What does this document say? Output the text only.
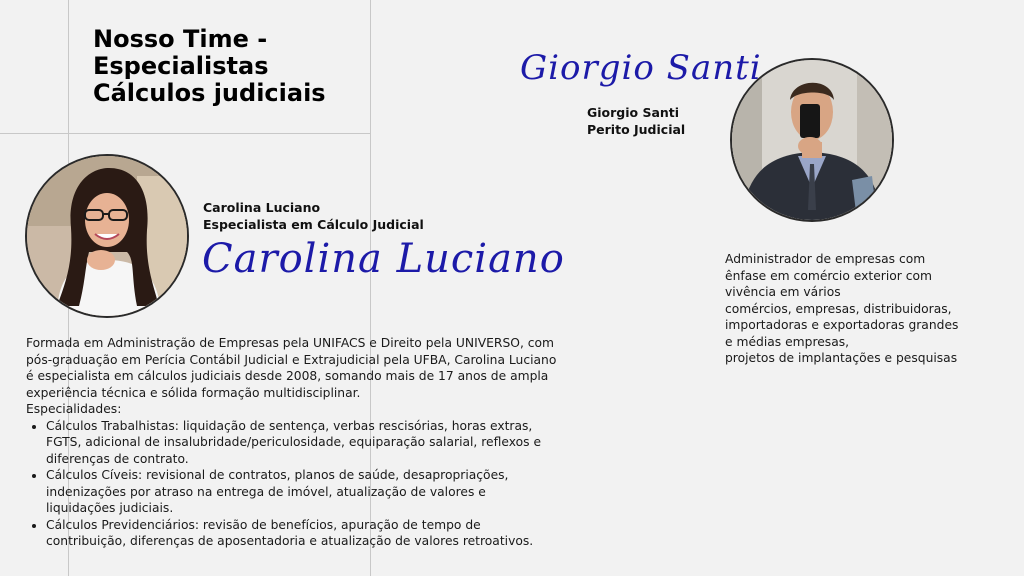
Nosso Time -
Especialistas
Cálculos judiciais
Carolina Luciano
Especialista em Cálculo Judicial
Carolina Luciano

Formada em Administração de Empresas pela UNIFACS e Direito pela UNIVERSO, com pós-graduação em Perícia Contábil Judicial e Extrajudicial pela UFBA, Carolina Luciano é especialista em cálculos judiciais desde 2008, somando mais de 17 anos de ampla experiência técnica e sólida formação multidisciplinar.

Especialidades:

• Cálculos Trabalhistas: liquidação de sentença, verbas rescisórias, horas extras, FGTS, adicional de insalubridade/periculosidade, equiparação salarial, reflexos e diferenças de contrato.
• Cálculos Cíveis: revisional de contratos, planos de saúde, desapropriações, indenizações por atraso na entrega de imóvel, atualização de valores e liquidações judiciais.
• Cálculos Previdenciários: revisão de benefícios, apuração de tempo de contribuição, diferenças de aposentadoria e atualização de valores retroativos.
Giorgio Santi
Giorgio Santi
Perito Judicial
Administrador de empresas com
ênfase em comércio exterior com
vivência em vários
comércios, empresas, distribuidoras,
importadoras e exportadoras grandes
e médias empresas,
projetos de implantações e pesquisas
